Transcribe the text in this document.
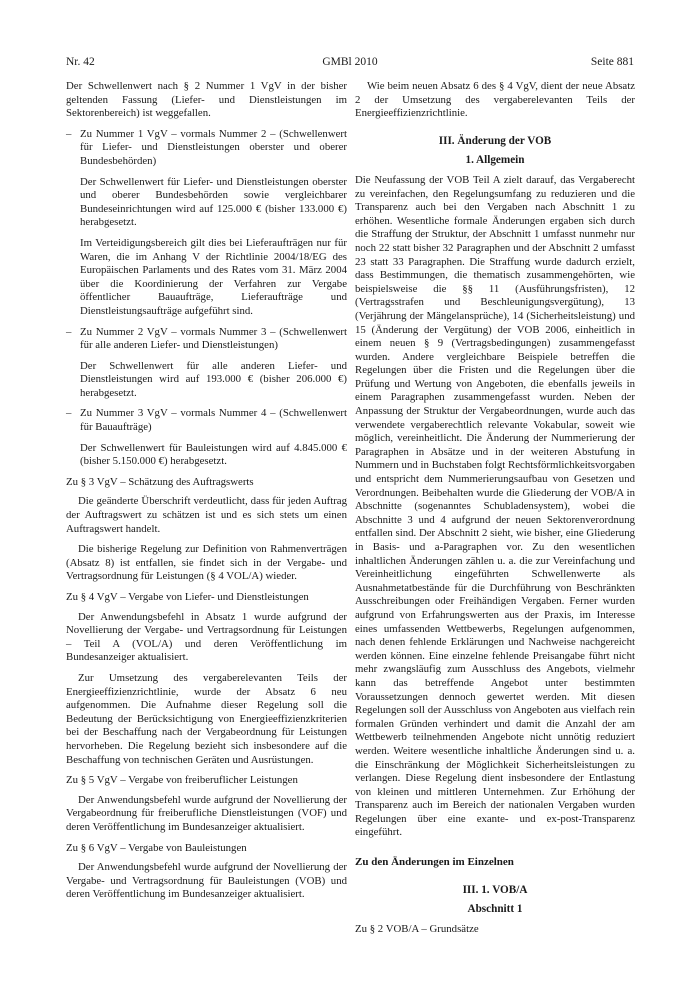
Nr. 42	GMBl 2010	Seite 881

Der Schwellenwert nach § 2 Nummer 1 VgV in der bisher geltenden Fassung (Liefer- und Dienstleistungen im Sektorenbereich) ist weggefallen.

– Zu Nummer 1 VgV – vormals Nummer 2 – (Schwellenwert für Liefer- und Dienstleistungen oberster und oberer Bundesbehörden)

Der Schwellenwert für Liefer- und Dienstleistungen oberster und oberer Bundesbehörden sowie vergleichbarer Bundeseinrichtungen wird auf 125.000 € (bisher 133.000 €) herabgesetzt.

Im Verteidigungsbereich gilt dies bei Lieferaufträgen nur für Waren, die im Anhang V der Richtlinie 2004/18/EG des Europäischen Parlaments und des Rates vom 31. März 2004 über die Koordinierung der Verfahren zur Vergabe öffentlicher Bauaufträge, Lieferaufträge und Dienstleistungsaufträge aufgeführt sind.

– Zu Nummer 2 VgV – vormals Nummer 3 – (Schwellenwert für alle anderen Liefer- und Dienstleistungen)

Der Schwellenwert für alle anderen Liefer- und Dienstleistungen wird auf 193.000 € (bisher 206.000 €) herabgesetzt.

– Zu Nummer 3 VgV – vormals Nummer 4 – (Schwellenwert für Bauaufträge)

Der Schwellenwert für Bauleistungen wird auf 4.845.000 € (bisher 5.150.000 €) herabgesetzt.

Zu § 3 VgV – Schätzung des Auftragswerts

Die geänderte Überschrift verdeutlicht, dass für jeden Auftrag der Auftragswert zu schätzen ist und es sich stets um einen Auftragswert handelt.

Die bisherige Regelung zur Definition von Rahmenverträgen (Absatz 8) ist entfallen, sie findet sich in der Vergabe- und Vertragsordnung für Leistungen (§ 4 VOL/A) wieder.

Zu § 4 VgV – Vergabe von Liefer- und Dienstleistungen

Der Anwendungsbefehl in Absatz 1 wurde aufgrund der Novellierung der Vergabe- und Vertragsordnung für Leistungen – Teil A (VOL/A) und deren Veröffentlichung im Bundesanzeiger aktualisiert.

Zur Umsetzung des vergaberelevanten Teils der Energieeffizienzrichtlinie, wurde der Absatz 6 neu aufgenommen. Die Aufnahme dieser Regelung soll die Bedeutung der Berücksichtigung von Energieeffizienzkriterien bei der Beschaffung nach der Vergabeordnung für Leistungen hervorheben. Die Regelung bezieht sich insbesondere auf die Beschaffung von technischen Geräten und Ausrüstungen.

Zu § 5 VgV – Vergabe von freiberuflicher Leistungen

Der Anwendungsbefehl wurde aufgrund der Novellierung der Vergabeordnung für freiberufliche Dienstleistungen (VOF) und deren Veröffentlichung im Bundesanzeiger aktualisiert.

Zu § 6 VgV – Vergabe von Bauleistungen

Der Anwendungsbefehl wurde aufgrund der Novellierung der Vergabe- und Vertragsordnung für Bauleistungen (VOB) und deren Veröffentlichung im Bundesanzeiger aktualisiert.

Wie beim neuen Absatz 6 des § 4 VgV, dient der neue Absatz 2 der Umsetzung des vergaberelevanten Teils der Energieeffizienzrichtlinie.

III. Änderung der VOB
1. Allgemein

Die Neufassung der VOB Teil A zielt darauf, das Vergaberecht zu vereinfachen, den Regelungsumfang zu reduzieren und die Transparenz auch bei den Vergaben nach Abschnitt 1 zu erhöhen. Wesentliche formale Änderungen ergaben sich durch die Straffung der Struktur, der Abschnitt 1 umfasst nunmehr nur noch 22 statt bisher 32 Paragraphen und der Abschnitt 2 umfasst 23 statt 33 Paragraphen. Die Straffung wurde dadurch erzielt, dass Bestimmungen, die thematisch zusammengehörten, wie beispielsweise die §§ 11 (Ausführungsfristen), 12 (Vertragsstrafen und Beschleunigungsvergütung), 13 (Verjährung der Mängelansprüche), 14 (Sicherheitsleistung) und 15 (Änderung der Vergütung) der VOB 2006, einheitlich in einem neuen § 9 (Vertragsbedingungen) zusammengefasst wurden. Andere vergleichbare Beispiele betreffen die Regelungen über die Fristen und die Regelungen über die Prüfung und Wertung von Angeboten, die ebenfalls jeweils in einem Paragraphen zusammengefasst wurden. Neben der Anpassung der Struktur der Vergabeordnungen, wurde auch das verwendete vergaberechtlich relevante Vokabular, soweit wie möglich, vereinheitlicht. Die Änderung der Nummerierung der Paragraphen in Absätze und in der weiteren Abstufung in Nummern und in Buchstaben folgt Rechtsförmlichkeitsvorgaben und entspricht dem Nummerierungsaufbau von Gesetzen und Verordnungen. Beibehalten wurde die Gliederung der VOB/A in Abschnitte (sogenanntes Schubladensystem), wobei die Abschnitte 3 und 4 aufgrund der neuen Sektorenverordnung entfallen sind. Der Abschnitt 2 sieht, wie bisher, eine Gliederung in Basis- und a-Paragraphen vor. Zu den wesentlichen inhaltlichen Änderungen zählen u. a. die zur Vereinfachung und Vereinheitlichung eingeführten Schwellenwerte als Ausnahmetatbestände für die Durchführung von Beschränkten Ausschreibungen oder Freihändigen Vergaben. Ferner wurden aufgrund von Erfahrungswerten aus der Praxis, im Interesse eines umfassenden Wettbewerbs, Regelungen aufgenommen, nach denen fehlende Erklärungen und Nachweise nachgereicht werden können. Eine einzelne fehlende Preisangabe führt nicht mehr zwangsläufig zum Ausschluss des Angebots, vielmehr kann das betreffende Angebot unter bestimmten Voraussetzungen dennoch gewertet werden. Mit diesen Regelungen soll der Ausschluss von Angeboten aus vielfach rein formalen Gründen verhindert und damit die Anzahl der am Wettbewerb teilnehmenden Angebote nicht unnötig reduziert werden. Weitere wesentliche inhaltliche Änderungen sind u. a. die Einschränkung der Möglichkeit Sicherheitsleistungen zu verlangen. Diese Regelung dient insbesondere der Entlastung von kleinen und mittleren Unternehmen. Zur Erhöhung der Transparenz auch im Bereich der nationalen Vergaben wurden Regelungen über eine exante- und ex-post-Transparenz eingeführt.

Zu den Änderungen im Einzelnen
III. 1. VOB/A
Abschnitt 1

Zu § 2 VOB/A – Grundsätze
